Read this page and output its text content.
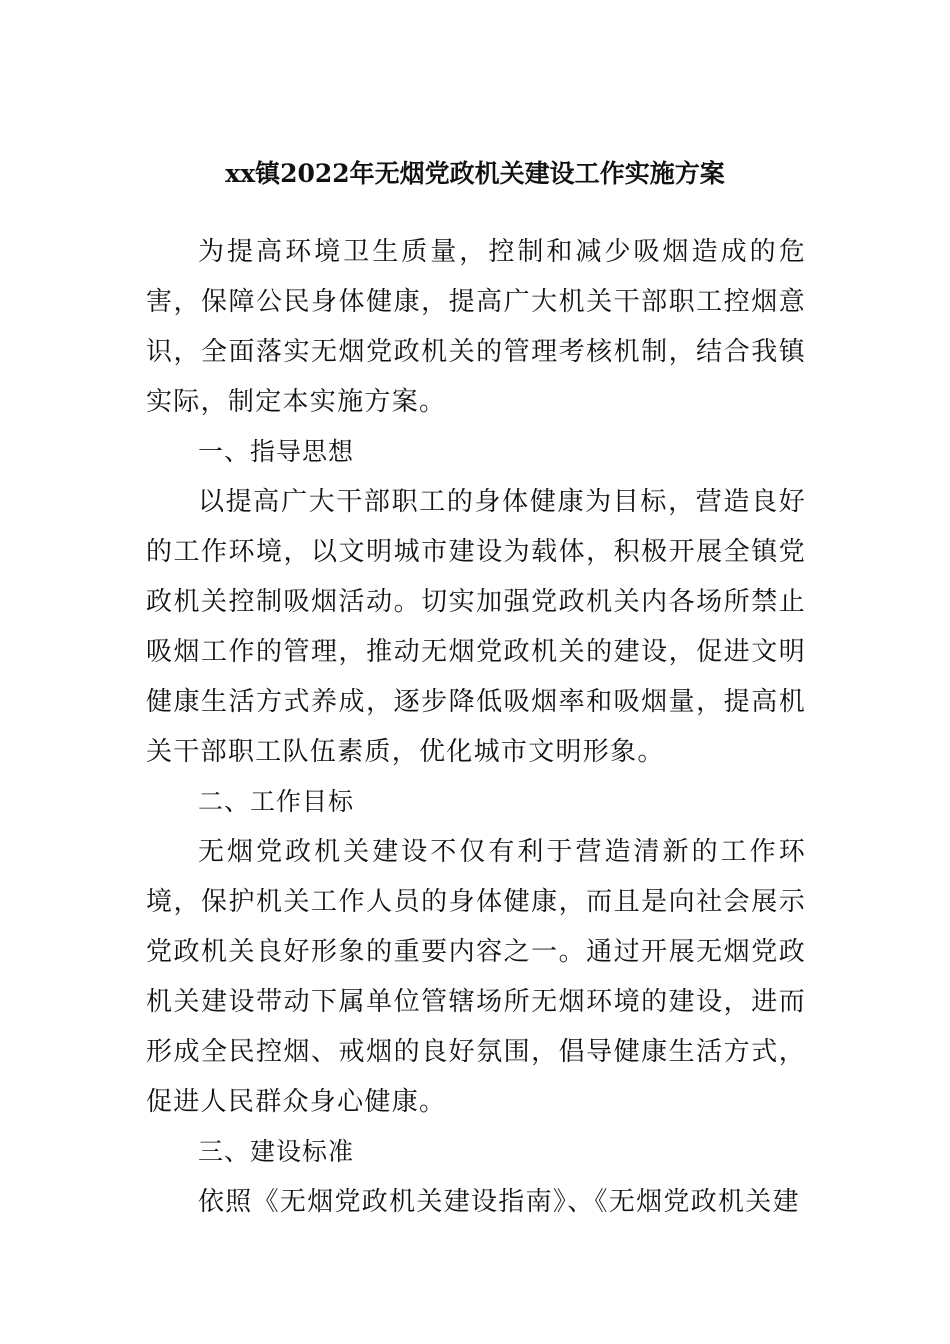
xx镇2022年无烟党政机关建设工作实施方案

为提高环境卫生质量，控制和减少吸烟造成的危害，保障公民身体健康，提高广大机关干部职工控烟意识，全面落实无烟党政机关的管理考核机制，结合我镇实际，制定本实施方案。

一、指导思想

以提高广大干部职工的身体健康为目标，营造良好的工作环境，以文明城市建设为载体，积极开展全镇党政机关控制吸烟活动。切实加强党政机关内各场所禁止吸烟工作的管理，推动无烟党政机关的建设，促进文明健康生活方式养成，逐步降低吸烟率和吸烟量，提高机关干部职工队伍素质，优化城市文明形象。

二、工作目标

无烟党政机关建设不仅有利于营造清新的工作环境，保护机关工作人员的身体健康，而且是向社会展示党政机关良好形象的重要内容之一。通过开展无烟党政机关建设带动下属单位管辖场所无烟环境的建设，进而形成全民控烟、戒烟的良好氛围，倡导健康生活方式，促进人民群众身心健康。

三、建设标准

依照《无烟党政机关建设指南》、《无烟党政机关建
